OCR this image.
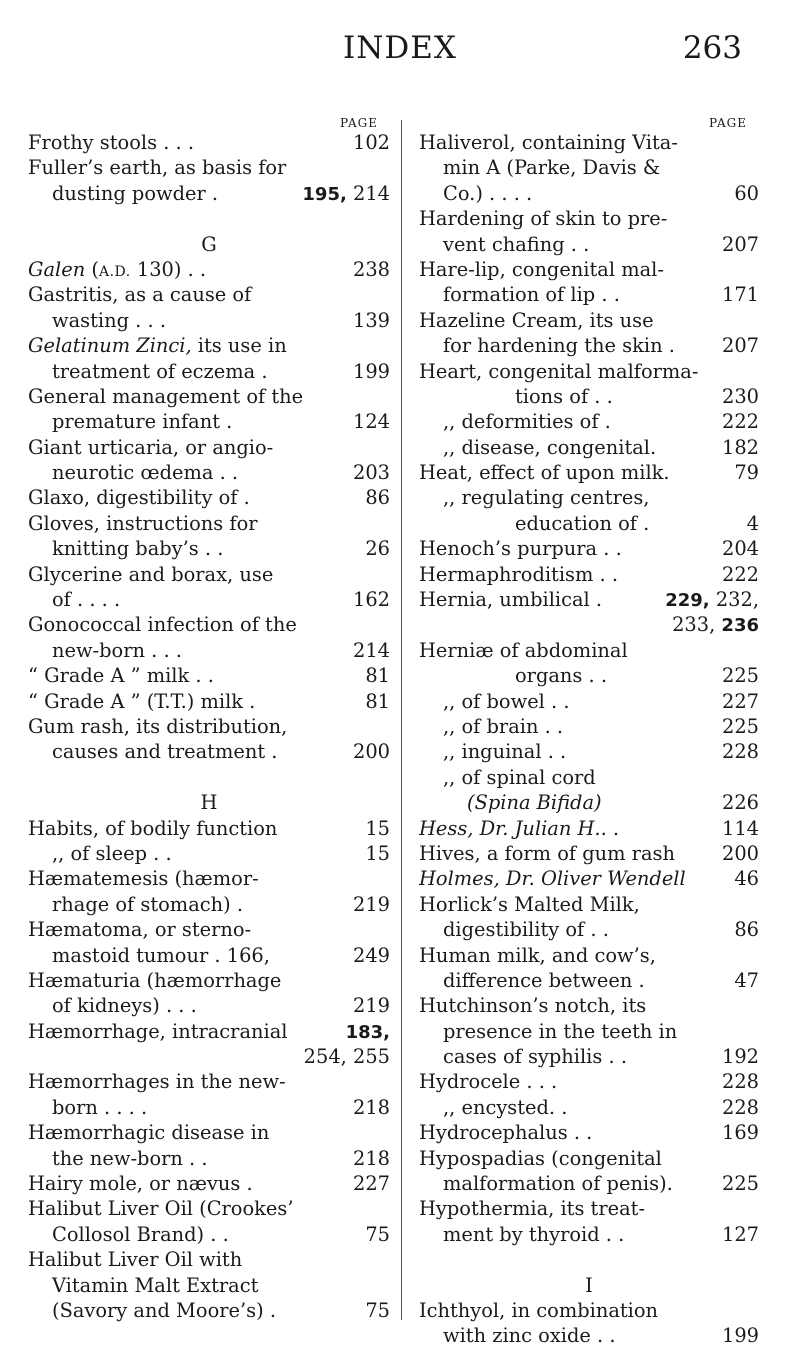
INDEX	263
PAGE
Frothy stools . . .	102
Fuller’s earth, as basis for
dusting powder .	195, 214
G
Galen (A.D. 130) . .	238
Gastritis, as a cause of
wasting . . .	139
Gelatinum Zinci, its use in
treatment of eczema .	199
General management of the
premature infant .	124
Giant urticaria, or angio-
neurotic œdema . .	203
Glaxo, digestibility of .	86
Gloves, instructions for
knitting baby’s . .	26
Glycerine and borax, use
of . . . .	162
Gonococcal infection of the
new-born . . .	214
“ Grade A ” milk . .	81
“ Grade A ” (T.T.) milk .	81
Gum rash, its distribution,
causes and treatment .	200
H
Habits, of bodily function	15
,, of sleep . .	15
Hæmatemesis (hæmor-
rhage of stomach) .	219
Hæmatoma, or sterno-
mastoid tumour . 166,	249
Hæmaturia (hæmorrhage
of kidneys) . . .	219
Hæmorrhage, intracranial	183,
254, 255
Hæmorrhages in the new-
born . . . .	218
Hæmorrhagic disease in
the new-born . .	218
Hairy mole, or nævus .	227
Halibut Liver Oil (Crookes’
Collosol Brand) . .	75
Halibut Liver Oil with
Vitamin Malt Extract
(Savory and Moore’s) .	75
PAGE
Haliverol, containing Vita-
min A (Parke, Davis &
Co.) . . . .	60
Hardening of skin to pre-
vent chafing . .	207
Hare-lip, congenital mal-
formation of lip . .	171
Hazeline Cream, its use
for hardening the skin . 207
Heart, congenital malforma-
tions of . .	230
,, deformities of .	222
,, disease, congenital.	182
Heat, effect of upon milk.	79
,, regulating centres,
education of .	4
Henoch’s purpura . .	204
Hermaphroditism . .	222
Hernia, umbilical .	229, 232,
233, 236
Herniæ of abdominal
organs . .	225
,, of bowel . .	227
,, of brain . .	225
,, inguinal . .	228
,, of spinal cord
(Spina Bifida)	226
Hess, Dr. Julian H.. .	114
Hives, a form of gum rash 200
Holmes, Dr. Oliver Wendell	46
Horlick’s Malted Milk,
digestibility of . .	86
Human milk, and cow’s,
difference between .	47
Hutchinson’s notch, its
presence in the teeth in
cases of syphilis . .	192
Hydrocele . . .	228
,, encysted. .	228
Hydrocephalus . .	169
Hypospadias (congenital
malformation of penis).	225
Hypothermia, its treat-
ment by thyroid . .	127
I
Ichthyol, in combination
with zinc oxide . .	199
